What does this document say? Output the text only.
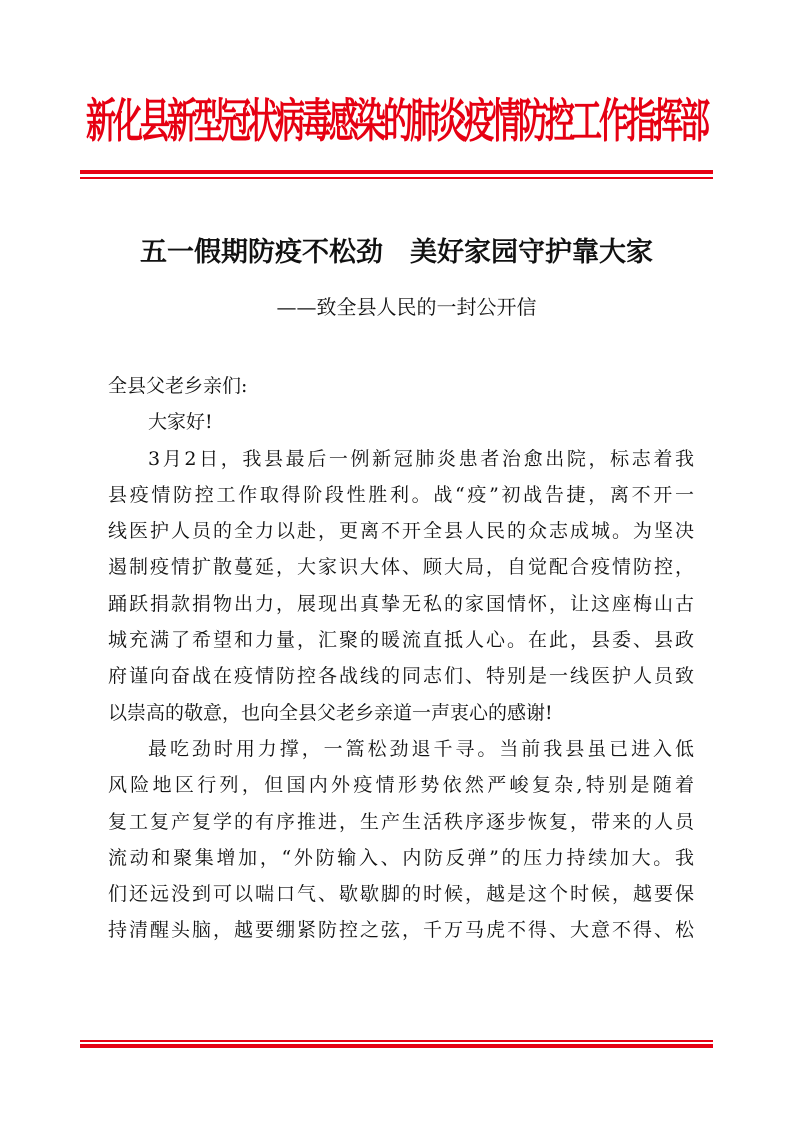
新化县新型冠状病毒感染的肺炎疫情防控工作指挥部
五一假期防疫不松劲　美好家园守护靠大家
——致全县人民的一封公开信
全县父老乡亲们:
大家好!
3月2日，我县最后一例新冠肺炎患者治愈出院，标志着我
县疫情防控工作取得阶段性胜利。战“疫”初战告捷，离不开一
线医护人员的全力以赴，更离不开全县人民的众志成城。为坚决
遏制疫情扩散蔓延，大家识大体、顾大局，自觉配合疫情防控，
踊跃捐款捐物出力，展现出真挚无私的家国情怀，让这座梅山古
城充满了希望和力量，汇聚的暖流直抵人心。在此，县委、县政
府谨向奋战在疫情防控各战线的同志们、特别是一线医护人员致
以崇高的敬意，也向全县父老乡亲道一声衷心的感谢!
最吃劲时用力撑，一篙松劲退千寻。当前我县虽已进入低
风险地区行列，但国内外疫情形势依然严峻复杂,特别是随着
复工复产复学的有序推进，生产生活秩序逐步恢复，带来的人员
流动和聚集增加，“外防输入、内防反弹”的压力持续加大。我
们还远没到可以喘口气、歇歇脚的时候，越是这个时候，越要保
持清醒头脑，越要绷紧防控之弦，千万马虎不得、大意不得、松
